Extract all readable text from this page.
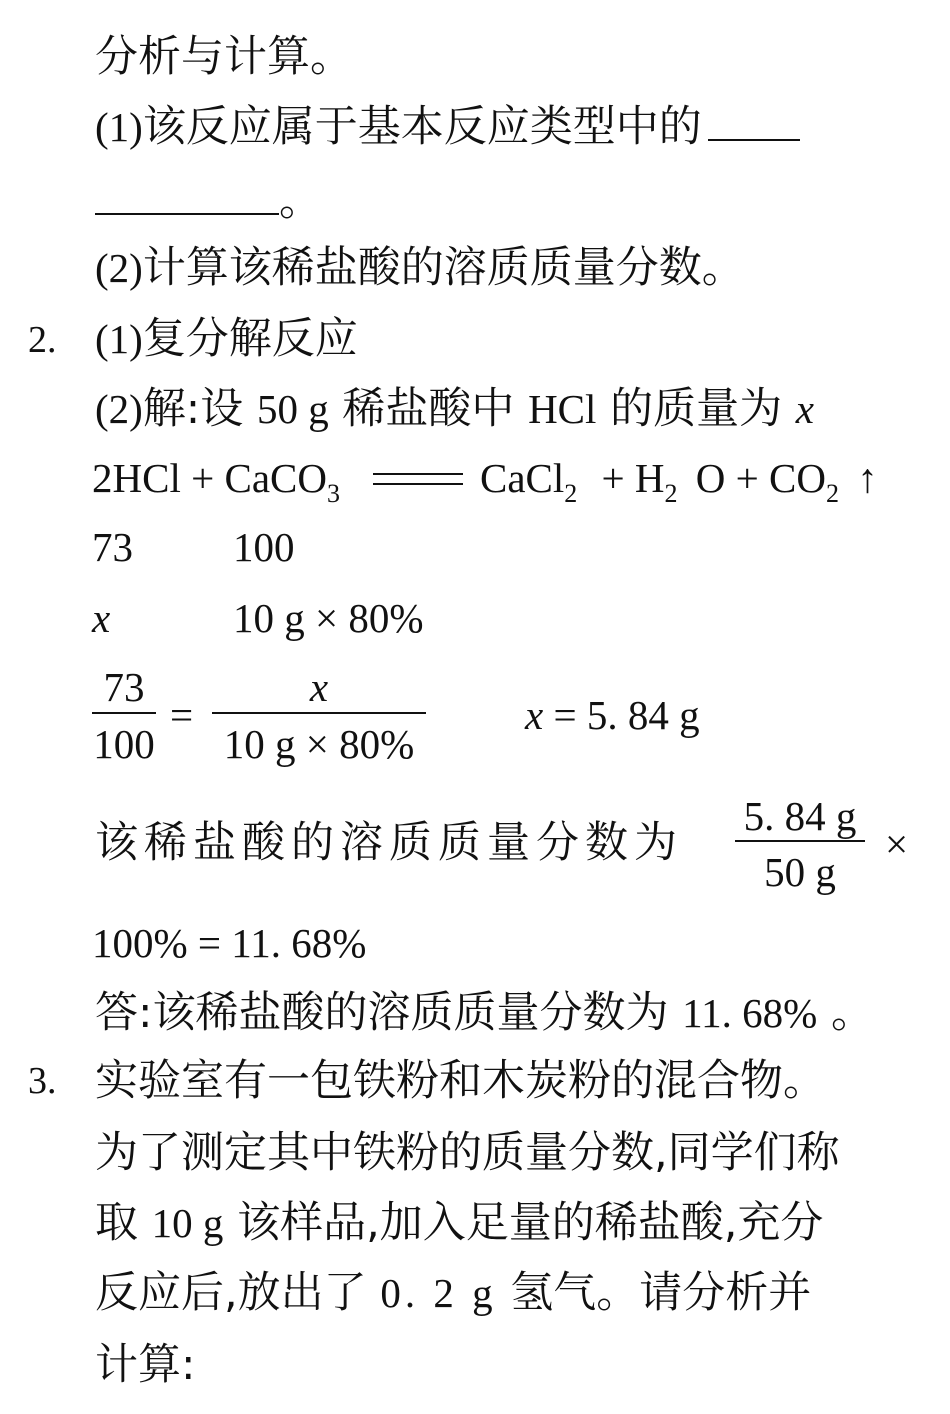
分析与计算。
(1)该反应属于基本反应类型中的
。
(2)计算该稀盐酸的溶质质量分数。
2. (1)复分解反应
(2)解:设 50 g 稀盐酸中 HCl 的质量为 x
2HCl + CaCO$_3$	CaCl$_2$ + $H_2$ $O + CO_2$ ↑
73 100
x	10 g × 80%
73
100
=
x
10 g × 80%
x = 5. 84 g
该稀盐酸的溶质质量分数为
5. 84 g
50 g
×
100% = 11. 68%
答:该稀盐酸的溶质质量分数为 11. 68% 。
3. 实验室有一包铁粉和木炭粉的混合物。
为了测定其中铁粉的质量分数,同学们称
取 10 g 该样品,加入足量的稀盐酸,充分
反应后,放出了 0. 2 g 氢气。请分析并
计算:
